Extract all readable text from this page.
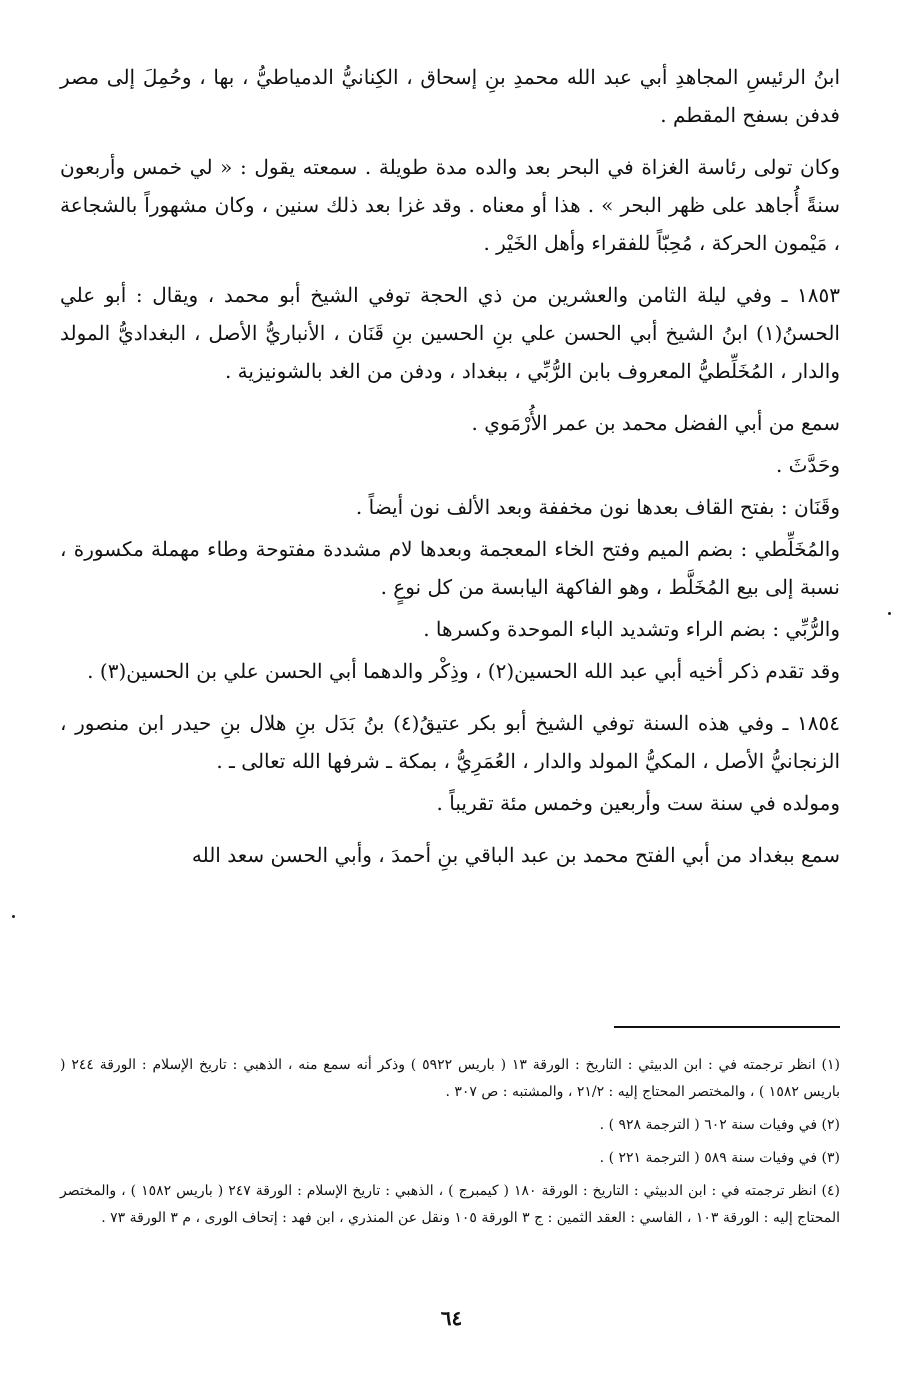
ابنُ الرئيسِ المجاهدِ أبي عبد الله محمدِ بنِ إسحاق ، الكِنانيُّ الدمياطيُّ ، بها ، وحُمِلَ إلى مصر فدفن بسفح المقطم .

وكان تولى رئاسة الغزاة في البحر بعد والده مدة طويلة . سمعته يقول : « لي خمس وأربعون سنةً أُجاهد على ظهر البحر » . هذا أو معناه . وقد غزا بعد ذلك سنين ، وكان مشهوراً بالشجاعة ، مَيْمون الحركة ، مُحِبّاً للفقراء وأهل الخَيْر .

١٨٥٣ ـ وفي ليلة الثامن والعشرين من ذي الحجة توفي الشيخ أبو محمد ، ويقال : أبو علي الحسنُ(١) ابنُ الشيخ أبي الحسن علي بنِ الحسين بنِ قَنَان ، الأنباريُّ الأصل ، البغداديُّ المولد والدار ، المُخَلِّطيُّ المعروف بابن الرُّبِّي ، ببغداد ، ودفن من الغد بالشونيزية .

سمع من أبي الفضل محمد بن عمر الأُرْمَوي .

وحَدَّثَ .

وقَنَان : بفتح القاف بعدها نون مخففة وبعد الألف نون أيضاً .

والمُخَلِّطي : بضم الميم وفتح الخاء المعجمة وبعدها لام مشددة مفتوحة وطاء مهملة مكسورة ، نسبة إلى بيع المُخَلَّط ، وهو الفاكهة اليابسة من كل نوعٍ .

والرُّبِّي : بضم الراء وتشديد الباء الموحدة وكسرها .

وقد تقدم ذكر أخيه أبي عبد الله الحسين(٢) ، وذِكْر والدهما أبي الحسن علي بن الحسين(٣) .

١٨٥٤ ـ وفي هذه السنة توفي الشيخ أبو بكر عتيقُ(٤) بنُ بَدَل بنِ هلال بنِ حيدر ابن منصور ، الزنجانيُّ الأصل ، المكيُّ المولد والدار ، العُمَرِيُّ ، بمكة ـ شرفها الله تعالى ـ .

ومولده في سنة ست وأربعين وخمس مئة تقريباً .

سمع ببغداد من أبي الفتح محمد بن عبد الباقي بنِ أحمدَ ، وأبي الحسن سعد الله

(١) انظر ترجمته في : ابن الدبيثي : التاريخ : الورقة ١٣ ( باريس ٥٩٢٢ ) وذكر أنه سمع منه ، الذهبي : تاريخ الإسلام : الورقة ٢٤٤ ( باريس ١٥٨٢ ) ، والمختصر المحتاج إليه : ٢١/٢ ، والمشتبه : ص ٣٠٧ .

(٢) في وفيات سنة ٦٠٢ ( الترجمة ٩٢٨ ) .

(٣) في وفيات سنة ٥٨٩ ( الترجمة ٢٢١ ) .

(٤) انظر ترجمته في : ابن الدبيثي : التاريخ : الورقة ١٨٠ ( كيمبرج ) ، الذهبي : تاريخ الإسلام : الورقة ٢٤٧ ( باريس ١٥٨٢ ) ، والمختصر المحتاج إليه : الورقة ١٠٣ ، الفاسي : العقد الثمين : ج ٣ الورقة ١٠٥ ونقل عن المنذري ، ابن فهد : إتحاف الورى ، م ٣ الورقة ٧٣ .

٦٤
